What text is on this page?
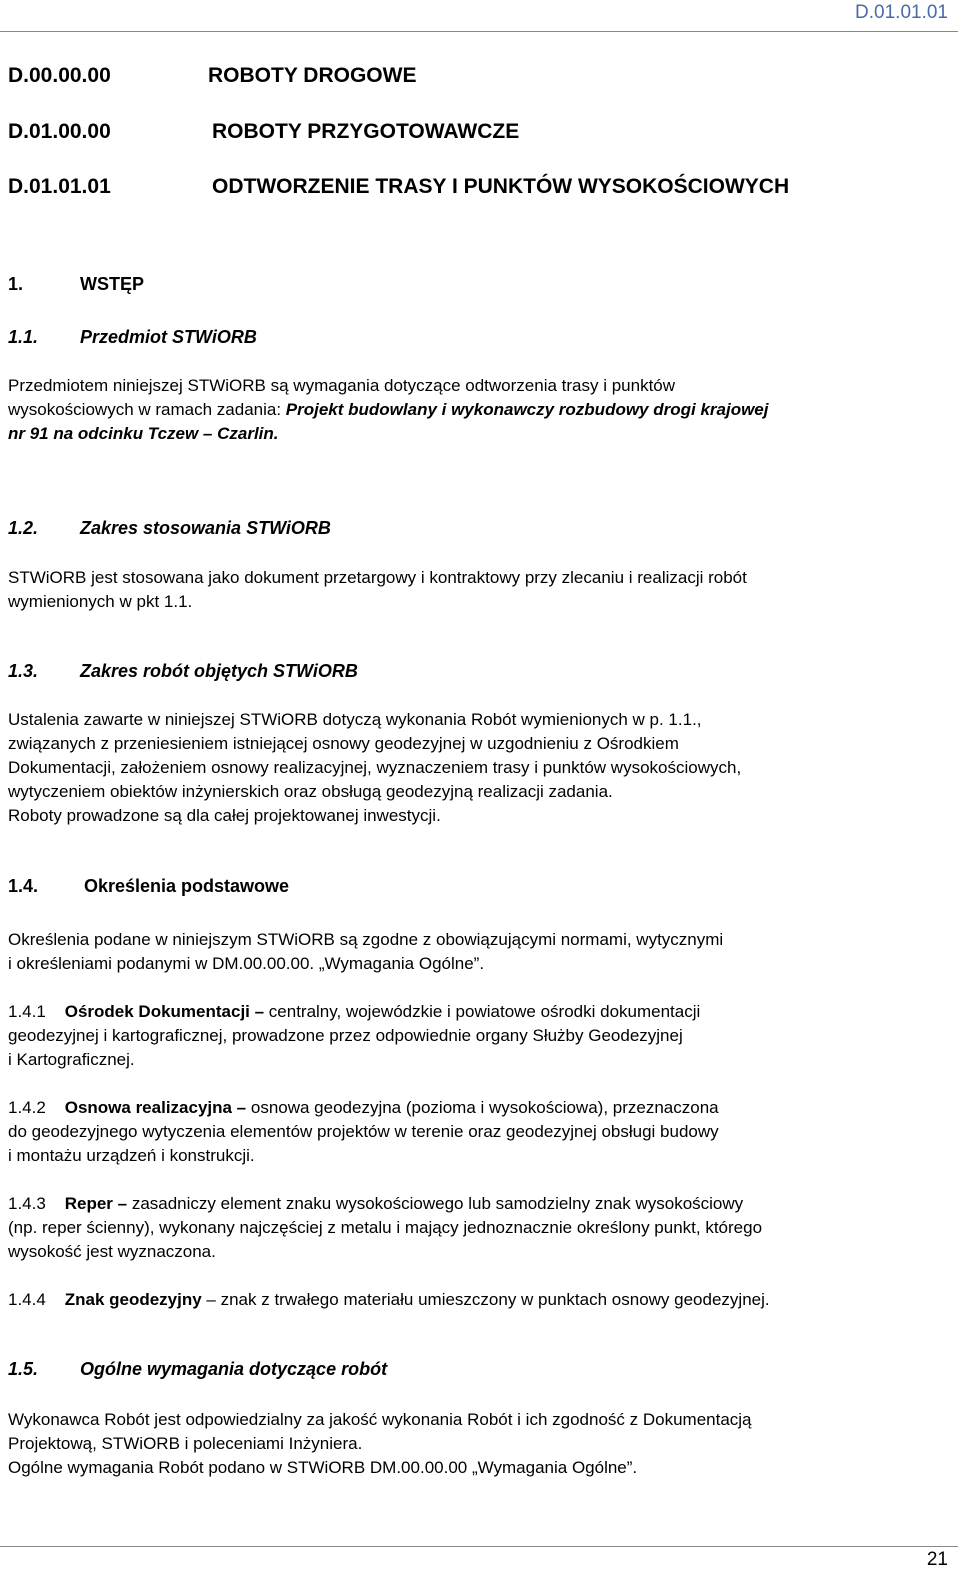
D.01.01.01
D.00.00.00	ROBOTY DROGOWE
D.01.00.00	ROBOTY PRZYGOTOWAWCZE
D.01.01.01	ODTWORZENIE TRASY I PUNKTÓW WYSOKOŚCIOWYCH
1.	WSTĘP
1.1. Przedmiot STWiORB
Przedmiotem niniejszej STWiORB są wymagania dotyczące odtworzenia trasy i punktów
wysokościowych w ramach zadania: Projekt budowlany i wykonawczy rozbudowy drogi krajowej
nr 91 na odcinku Tczew – Czarlin.
1.2. Zakres stosowania STWiORB
STWiORB jest stosowana jako dokument przetargowy i kontraktowy przy zlecaniu i realizacji robót
wymienionych w pkt 1.1.
1.3. Zakres robót objętych STWiORB
Ustalenia zawarte w niniejszej STWiORB dotyczą wykonania Robót wymienionych w p. 1.1.,
związanych z przeniesieniem istniejącej osnowy geodezyjnej w uzgodnieniu z Ośrodkiem
Dokumentacji, założeniem osnowy realizacyjnej, wyznaczeniem trasy i punktów wysokościowych,
wytyczeniem obiektów inżynierskich oraz obsługą geodezyjną realizacji zadania.
Roboty prowadzone są dla całej projektowanej inwestycji.
1.4.	Określenia podstawowe
Określenia podane w niniejszym STWiORB są zgodne z obowiązującymi normami, wytycznymi
i określeniami podanymi w DM.00.00.00. „Wymagania Ogólne”.
1.4.1 Ośrodek Dokumentacji – centralny, wojewódzkie i powiatowe ośrodki dokumentacji
geodezyjnej i kartograficznej, prowadzone przez odpowiednie organy Służby Geodezyjnej
i Kartograficznej.
1.4.2 Osnowa realizacyjna – osnowa geodezyjna (pozioma i wysokościowa), przeznaczona
do geodezyjnego wytyczenia elementów projektów w terenie oraz geodezyjnej obsługi budowy
i montażu urządzeń i konstrukcji.
1.4.3 Reper – zasadniczy element znaku wysokościowego lub samodzielny znak wysokościowy
(np. reper ścienny), wykonany najczęściej z metalu i mający jednoznacznie określony punkt, którego
wysokość jest wyznaczona.
1.4.4 Znak geodezyjny – znak z trwałego materiału umieszczony w punktach osnowy geodezyjnej.
1.5. Ogólne wymagania dotyczące robót
Wykonawca Robót jest odpowiedzialny za jakość wykonania Robót i ich zgodność z Dokumentacją
Projektową, STWiORB i poleceniami Inżyniera.
Ogólne wymagania Robót podano w STWiORB DM.00.00.00 „Wymagania Ogólne”.
21
